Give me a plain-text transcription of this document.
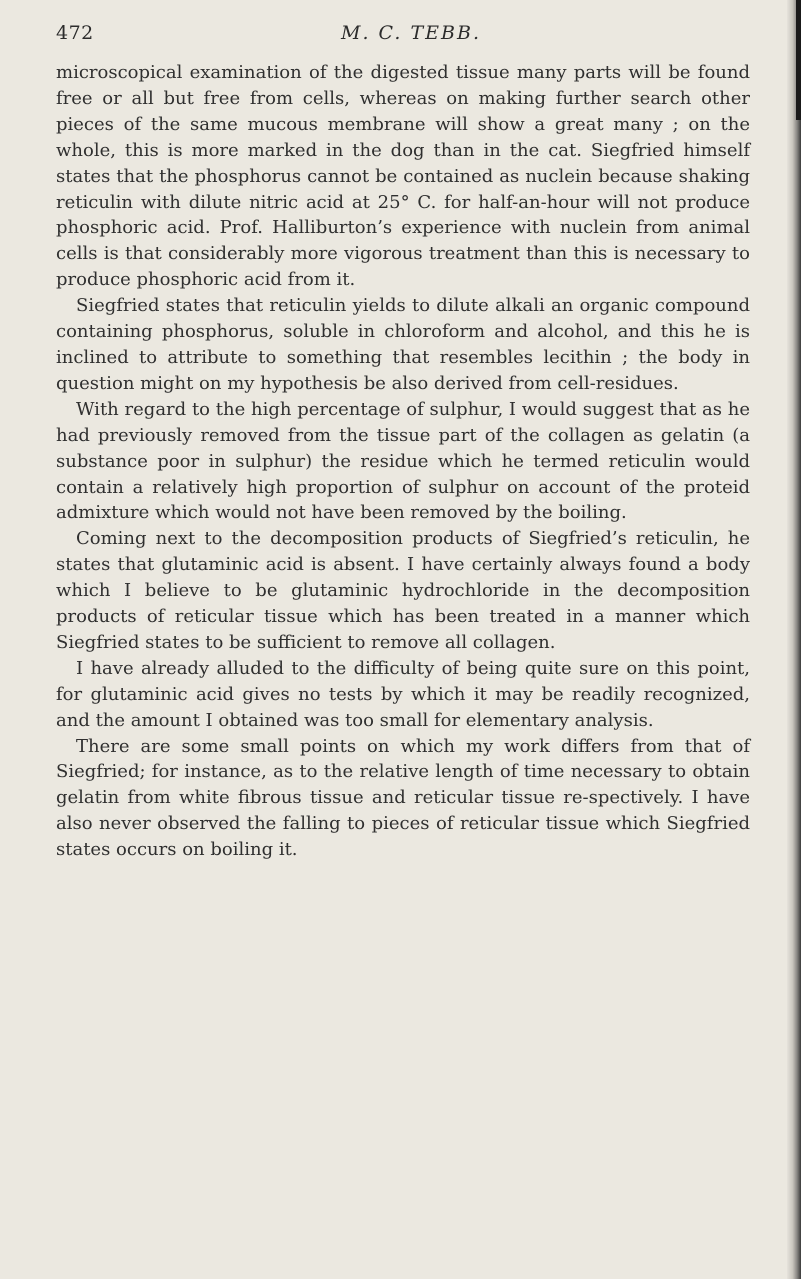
472	M. C. TEBB.

microscopical examination of the digested tissue many parts will be found free or all but free from cells, whereas on making further search other pieces of the same mucous membrane will show a great many ; on the whole, this is more marked in the dog than in the cat. Siegfried himself states that the phosphorus cannot be contained as nuclein because shaking reticulin with dilute nitric acid at 25° C. for half-an-hour will not produce phosphoric acid. Prof. Halliburton’s experience with nuclein from animal cells is that considerably more vigorous treatment than this is necessary to produce phosphoric acid from it.

Siegfried states that reticulin yields to dilute alkali an organic compound containing phosphorus, soluble in chloroform and alcohol, and this he is inclined to attribute to something that resembles lecithin ; the body in question might on my hypothesis be also derived from cell-residues.

With regard to the high percentage of sulphur, I would suggest that as he had previously removed from the tissue part of the collagen as gelatin (a substance poor in sulphur) the residue which he termed reticulin would contain a relatively high proportion of sulphur on account of the proteid admixture which would not have been removed by the boiling.

Coming next to the decomposition products of Siegfried’s reticulin, he states that glutaminic acid is absent. I have certainly always found a body which I believe to be glutaminic hydrochloride in the decomposition products of reticular tissue which has been treated in a manner which Siegfried states to be sufficient to remove all collagen.

I have already alluded to the difficulty of being quite sure on this point, for glutaminic acid gives no tests by which it may be readily recognized, and the amount I obtained was too small for elementary analysis.

There are some small points on which my work differs from that of Siegfried; for instance, as to the relative length of time necessary to obtain gelatin from white fibrous tissue and reticular tissue re-spectively. I have also never observed the falling to pieces of reticular tissue which Siegfried states occurs on boiling it.
